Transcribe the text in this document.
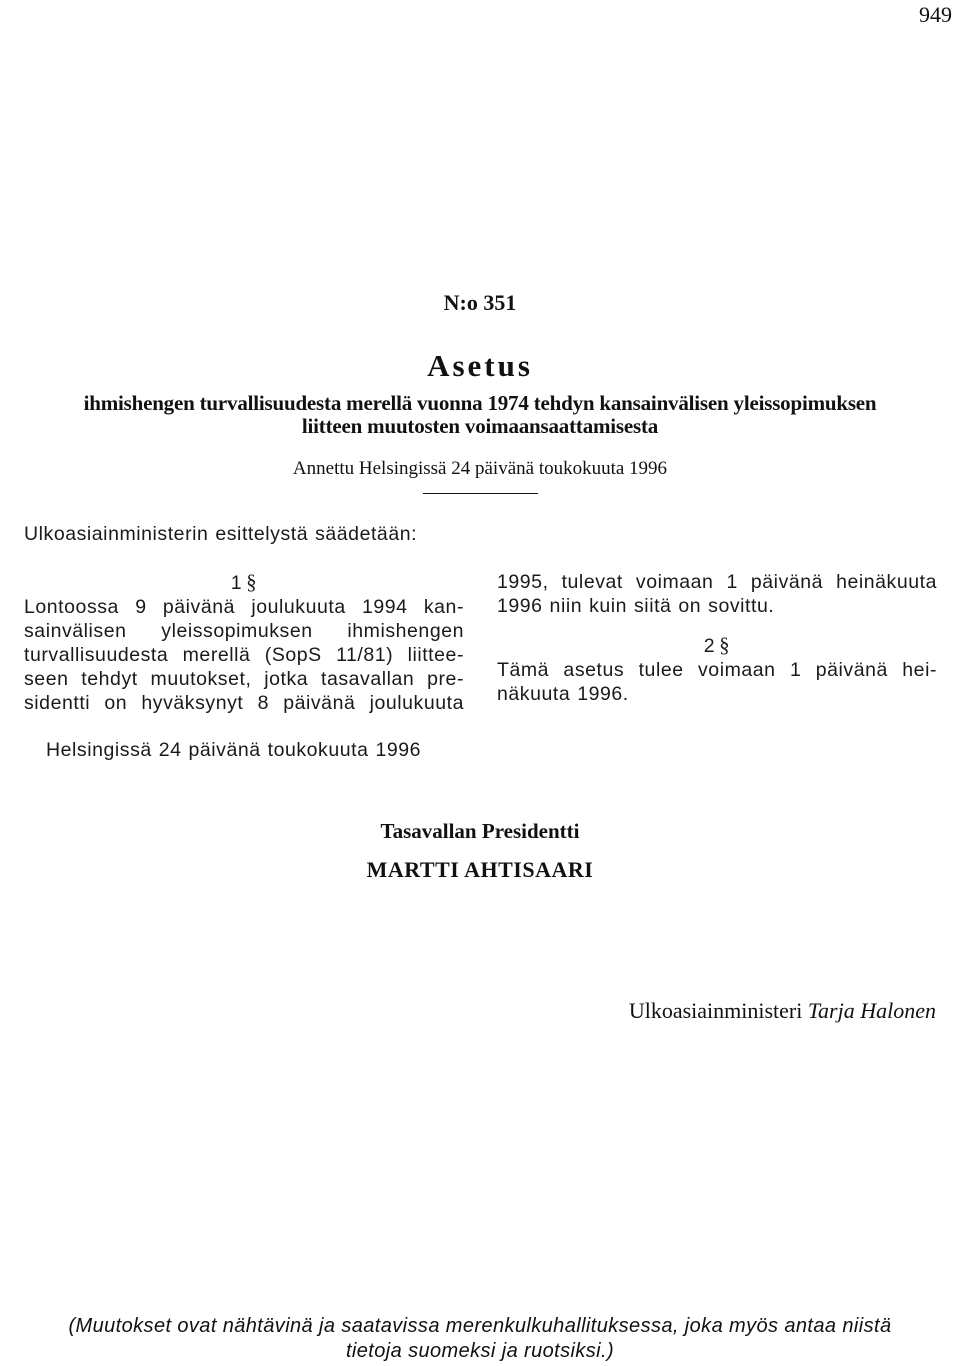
949
N:o 351
Asetus
ihmishengen turvallisuudesta merellä vuonna 1974 tehdyn kansainvälisen yleissopimuksen
liitteen muutosten voimaansaattamisesta
Annettu Helsingissä 24 päivänä toukokuuta 1996
Ulkoasiainministerin esittelystä säädetään:
1 §
Lontoossa 9 päivänä joulukuuta 1994 kan-
sainvälisen yleissopimuksen ihmishengen
turvallisuudesta merellä (SopS 11/81) liittee-
seen tehdyt muutokset, jotka tasavallan pre-
sidentti on hyväksynyt 8 päivänä joulukuuta
1995, tulevat voimaan 1 päivänä heinäkuuta
1996 niin kuin siitä on sovittu.
2 §
Tämä asetus tulee voimaan 1 päivänä hei-
näkuuta 1996.
Helsingissä 24 päivänä toukokuuta 1996
Tasavallan Presidentti
MARTTI AHTISAARI
Ulkoasiainministeri Tarja Halonen
(Muutokset ovat nähtävinä ja saatavissa merenkulkuhallituksessa, joka myös antaa niistä
tietoja suomeksi ja ruotsiksi.)
